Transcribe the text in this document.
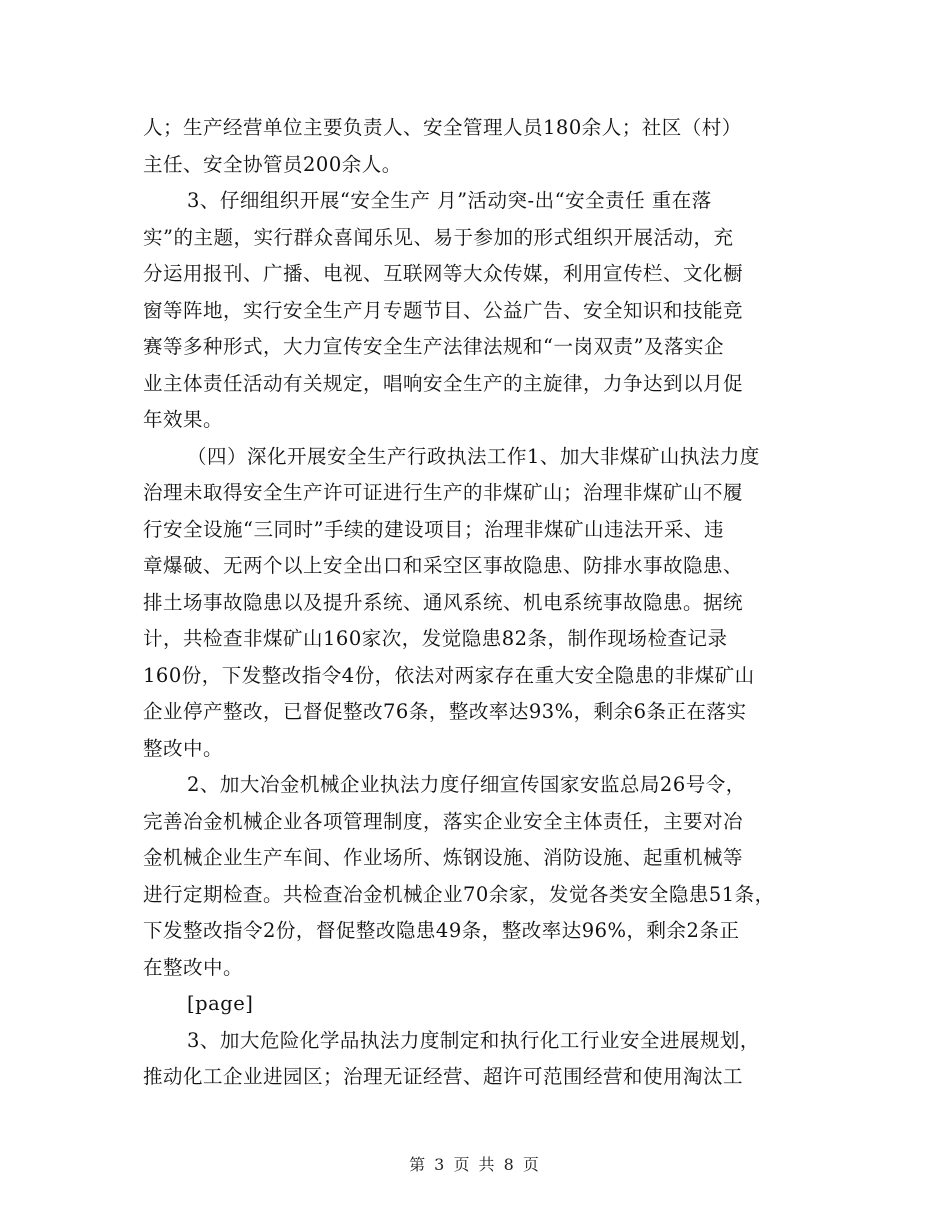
人；生产经营单位主要负责人、安全管理人员180余人；社区（村）
主任、安全协管员200余人。
3、仔细组织开展“安全生产 月”活动突-出“安全责任 重在落
实”的主题，实行群众喜闻乐见、易于参加的形式组织开展活动，充
分运用报刊、广播、电视、互联网等大众传媒，利用宣传栏、文化橱
窗等阵地，实行安全生产月专题节目、公益广告、安全知识和技能竞
赛等多种形式，大力宣传安全生产法律法规和“一岗双责”及落实企
业主体责任活动有关规定，唱响安全生产的主旋律，力争达到以月促
年效果。
（四）深化开展安全生产行政执法工作1、加大非煤矿山执法力度
治理未取得安全生产许可证进行生产的非煤矿山；治理非煤矿山不履
行安全设施“三同时”手续的建设项目；治理非煤矿山违法开采、违
章爆破、无两个以上安全出口和采空区事故隐患、防排水事故隐患、
排土场事故隐患以及提升系统、通风系统、机电系统事故隐患。据统
计，共检查非煤矿山160家次，发觉隐患82条，制作现场检查记录
160份，下发整改指令4份，依法对两家存在重大安全隐患的非煤矿山
企业停产整改，已督促整改76条，整改率达93%，剩余6条正在落实
整改中。
2、加大冶金机械企业执法力度仔细宣传国家安监总局26号令，
完善冶金机械企业各项管理制度，落实企业安全主体责任，主要对冶
金机械企业生产车间、作业场所、炼钢设施、消防设施、起重机械等
进行定期检查。共检查冶金机械企业70余家，发觉各类安全隐患51条，
下发整改指令2份，督促整改隐患49条，整改率达96%，剩余2条正
在整改中。
[page]
3、加大危险化学品执法力度制定和执行化工行业安全进展规划，
推动化工企业进园区；治理无证经营、超许可范围经营和使用淘汰工
第 3 页 共 8 页
